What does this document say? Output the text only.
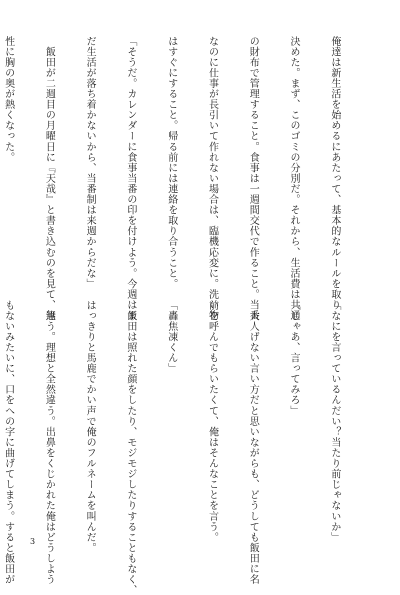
俺達は新生活を始めるにあたって、基本的なルールを取り

決めた。まず、このゴミの分別だ。それから、生活費は共通

の財布で管理すること。食事は一週間交代で作ること。当番

なのに仕事が長引いて作れない場合は、臨機応変に。洗い物

はすぐにすること。帰る前には連絡を取り合うこと。

「そうだ。カレンダーに食事当番の印を付けよう。今週はま

だ生活が落ち着かないから、当番制は来週からだな」

　飯田が二週目の月曜日に『天哉』と書き込むのを見て、無

性に胸の奥が熱くなった。

「なにを言っているんだい？当たり前じゃないか」

「じゃあ、言ってみろ」

　大人げない言い方だと思いながらも、どうしても飯田に名

前を呼んでもらいたくて、俺はそんなことを言う。

「轟焦凍くん」

　飯田は照れた顔をしたり、モジモジしたりすることもなく、

はっきりと馬鹿でかい声で俺のフルネームを叫んだ。

　違う。理想と全然違う。出鼻をくじかれた俺はどうしよう

もないみたいに、口をへの字に曲げてしまう。すると飯田が

3
